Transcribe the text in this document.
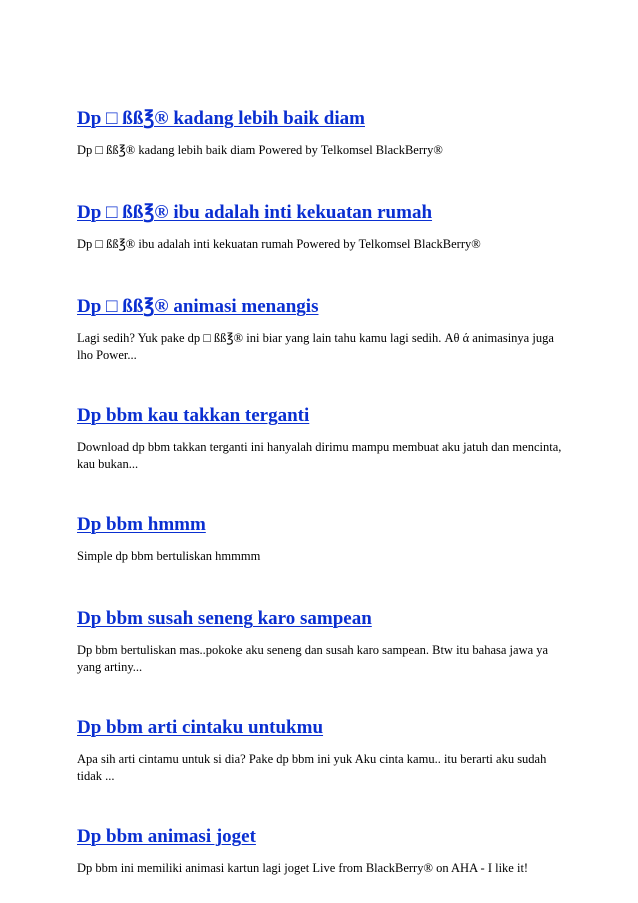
Dp □ ßß℥® kadang lebih baik diam

Dp □ ßß℥® kadang lebih baik diam Powered by Telkomsel BlackBerry®

Dp □ ßß℥® ibu adalah inti kekuatan rumah

Dp □ ßß℥® ibu adalah inti kekuatan rumah Powered by Telkomsel BlackBerry®

Dp □ ßß℥® animasi menangis

Lagi sedih? Yuk pake dp □ ßß℥® ini biar yang lain tahu kamu lagi sedih. Αθ ά animasinya juga lho Power...

Dp bbm kau takkan terganti

Download dp bbm takkan terganti ini hanyalah dirimu mampu membuat aku jatuh dan mencinta, kau bukan...

Dp bbm hmmm

Simple dp bbm bertuliskan hmmmm

Dp bbm susah seneng karo sampean

Dp bbm bertuliskan mas..pokoke aku seneng dan susah karo sampean. Btw itu bahasa jawa ya yang artiny...

Dp bbm arti cintaku untukmu

Apa sih arti cintamu untuk si dia? Pake dp bbm ini yuk Aku cinta kamu.. itu berarti aku sudah tidak ...

Dp bbm animasi joget

Dp bbm ini memiliki animasi kartun lagi joget Live from BlackBerry® on AHA - I like it!
